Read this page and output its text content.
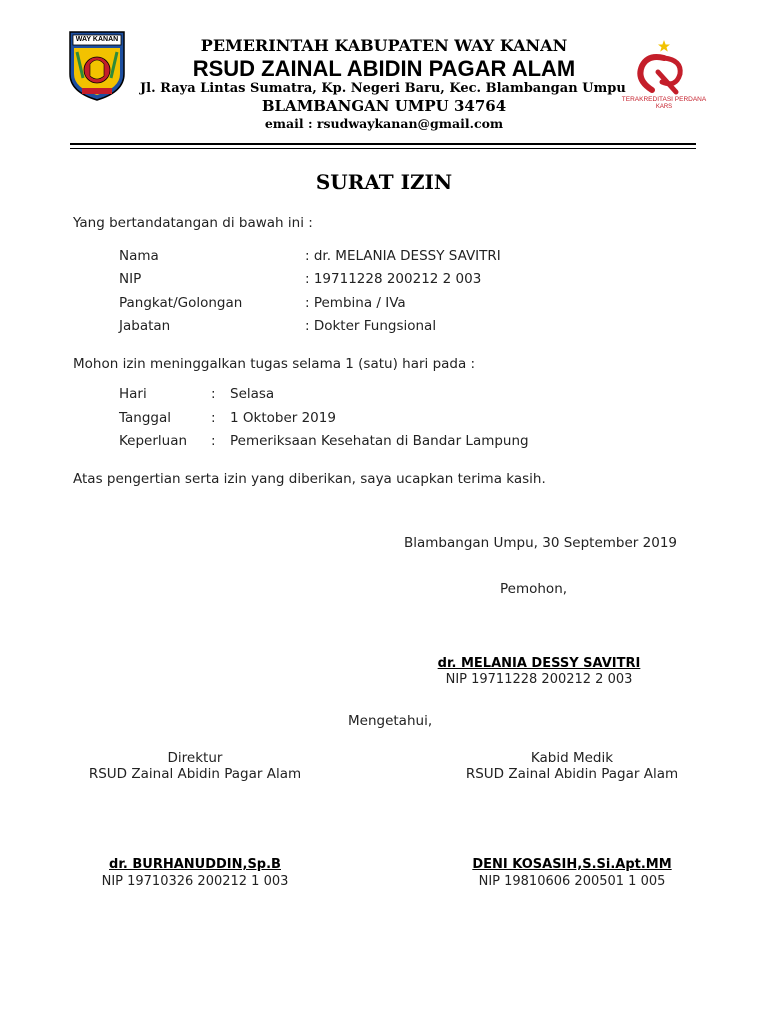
WAY KANAN	PEMERINTAH KABUPATEN WAY KANAN
RSUD ZAINAL ABIDIN PAGAR ALAM
Jl. Raya Lintas Sumatra, Kp. Negeri Baru, Kec. Blambangan Umpu
BLAMBANGAN UMPU 34764
email : rsudwaykanan@gmail.com
TERAKREDITASI PERDANA
KARS
SURAT IZIN
Yang bertandatangan di bawah ini :
Nama	: dr. MELANIA DESSY SAVITRI
NIP	: 19711228 200212 2 003
Pangkat/Golongan	: Pembina / IVa
Jabatan	: Dokter Fungsional
Mohon izin meninggalkan tugas selama 1 (satu) hari pada :
Hari	: Selasa
Tanggal	: 1 Oktober 2019
Keperluan : Pemeriksaan Kesehatan di Bandar Lampung
Atas pengertian serta izin yang diberikan, saya ucapkan terima kasih.
Blambangan Umpu, 30 September 2019
Pemohon,
dr. MELANIA DESSY SAVITRI
NIP 19711228 200212 2 003
Mengetahui,
Direktur
RSUD Zainal Abidin Pagar Alam
dr. BURHANUDDIN,Sp.B
NIP 19710326 200212 1 003
Kabid Medik
RSUD Zainal Abidin Pagar Alam
DENI KOSASIH,S.Si.Apt.MM
NIP 19810606 200501 1 005
